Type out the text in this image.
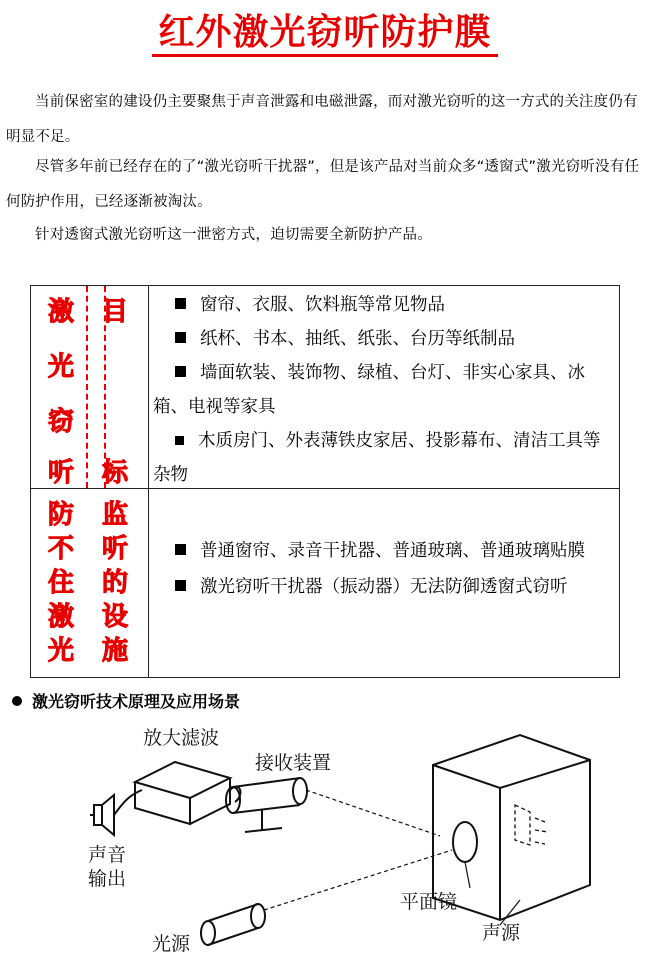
红外激光窃听防护膜
当前保密室的建设仍主要聚焦于声音泄露和电磁泄露，而对激光窃听的这一方式的关注度仍有明显不足。
尽管多年前已经存在的了“激光窃听干扰器”，但是该产品对当前众多“透窗式”激光窃听没有任何防护作用，已经逐渐被淘汰。
针对透窗式激光窃听这一泄密方式，迫切需要全新防护产品。
激
光
窃
听
目
标
防
不
住
激
光
监
听
的
设
施

窗帘、衣服、饮料瓶等常见物品

纸杯、书本、抽纸、纸张、台历等纸制品

墙面软装、装饰物、绿植、台灯、非实心家具、冰箱、电视等家具

木质房门、外表薄铁皮家居、投影幕布、清洁工具等杂物

普通窗帘、录音干扰器、普通玻璃、普通玻璃贴膜

激光窃听干扰器（振动器）无法防御透窗式窃听

激光窃听技术原理及应用场景
放大滤波
接收装置
声音
输出
平面镜
声源
光源
